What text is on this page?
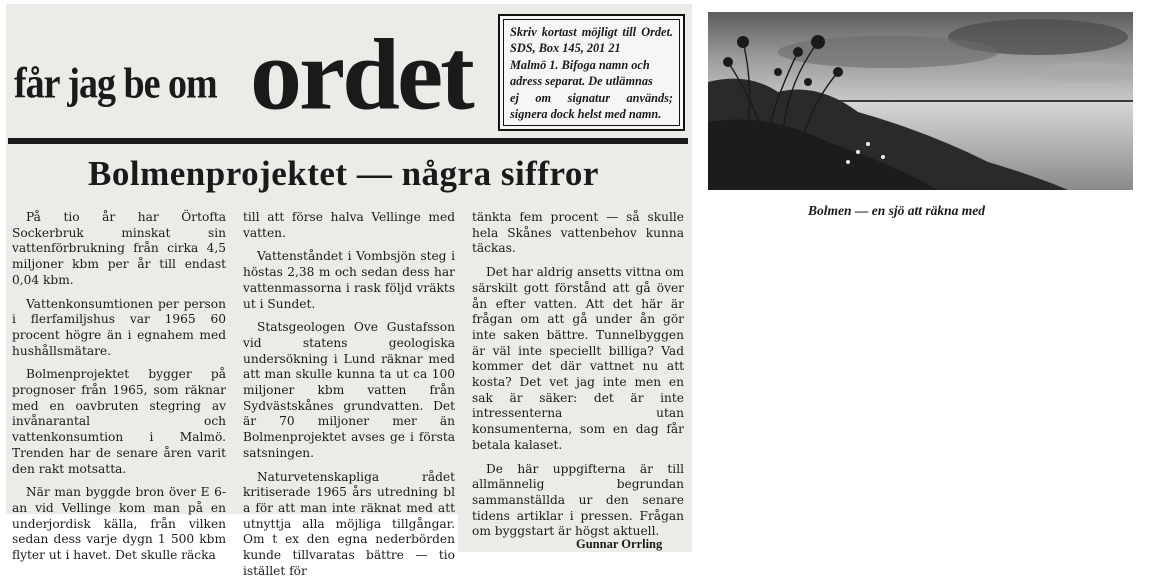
får jag be om ordet	Skriv kortast möjligt till Ordet. SDS, Box 145, 201 21
Malmö 1. Bifoga namn och
adress separat. De utlämnas
ej om signatur används; signera dock helst med namn.
Bolmenprojektet — några siffror

På tio år har Örtofta Sockerbruk minskat sin vattenförbrukning från cirka 4,5 miljoner kbm per år till endast 0,04 kbm.

Vattenkonsumtionen per person i flerfamiljshus var 1965 60 procent högre än i egnahem med hushållsmätare.

Bolmenprojektet bygger på prognoser från 1965, som räknar med en oavbruten stegring av invånarantal och vattenkonsumtion i Malmö. Trenden har de senare åren varit den rakt motsatta.

När man byggde bron över E 6-an vid Vellinge kom man på en underjordisk källa, från vilken sedan dess varje dygn 1 500 kbm flyter ut i havet. Det skulle räcka

till att förse halva Vellinge med vatten.

Vattenståndet i Vombsjön steg i höstas 2,38 m och sedan dess har vattenmassorna i rask följd vräkts ut i Sundet.

Statsgeologen Ove Gustafsson vid statens geologiska undersökning i Lund räknar med att man skulle kunna ta ut ca 100 miljoner kbm vatten från Sydvästskånes grundvatten. Det är 70 miljoner mer än Bolmenprojektet avses ge i första satsningen.

Naturvetenskapliga rådet kritiserade 1965 års utredning bl a för att man inte räknat med att utnyttja alla möjliga tillgångar. Om t ex den egna nederbörden kunde tillvaratas bättre — tio istället för

tänkta fem procent — så skulle hela Skånes vattenbehov kunna täckas.

Det har aldrig ansetts vittna om särskilt gott förstånd att gå över ån efter vatten. Att det här är frågan om att gå under ån gör inte saken bättre. Tunnelbyggen är väl inte speciellt billiga? Vad kommer det där vattnet nu att kosta? Det vet jag inte men en sak är säker: det är inte intressenterna utan konsumenterna, som en dag får betala kalaset.

De här uppgifterna är till allmännelig begrundan sammanställda ur den senare tidens artiklar i pressen. Frågan om byggstart är högst aktuell.

Gunnar Orrling
Bolmen — en sjö att räkna med
